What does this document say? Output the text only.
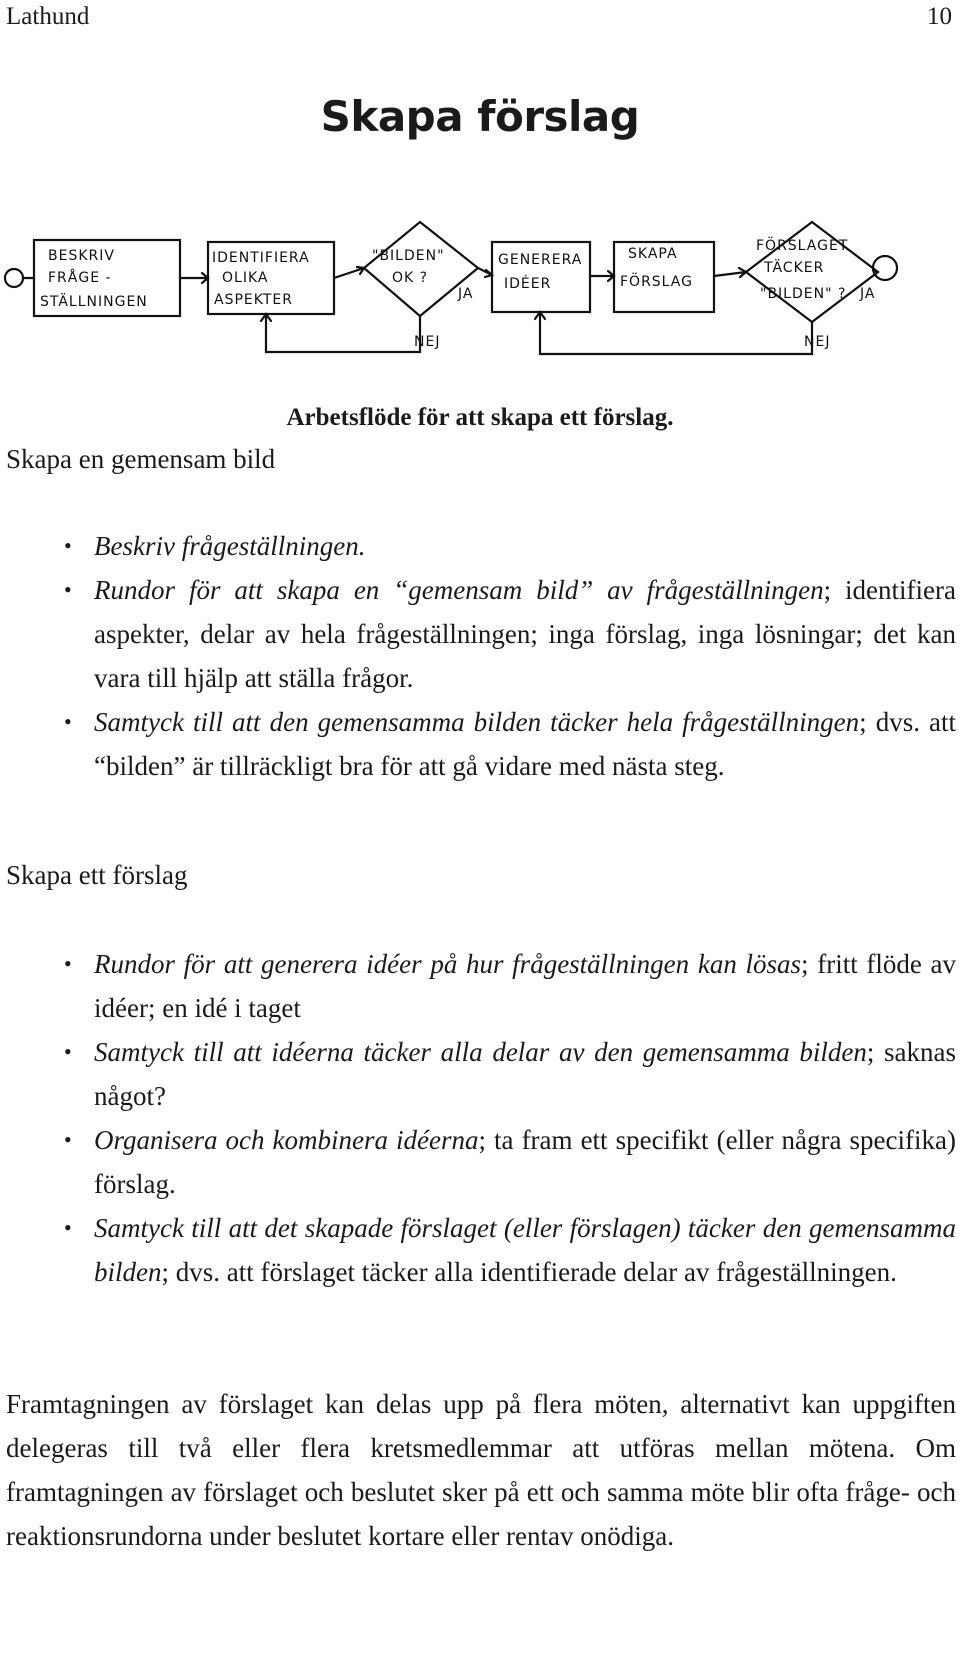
Lathund	10
Skapa förslag
BESKRIV
FRÅGE -
STÄLLNINGEN
IDENTIFIERA
OLIKA
ASPEKTER
"BILDEN"
OK ?
GENERERA
IDÉER
SKAPA
FÖRSLAG
FÖRSLAGET
TÄCKER
"BILDEN" ?
JA	JA
NEJ	NEJ
Arbetsflöde för att skapa ett förslag.
Skapa en gemensam bild
• Beskriv frågeställningen.
• Rundor för att skapa en “gemensam bild” av frågeställningen; identifiera aspekter, delar av hela frågeställningen; inga förslag, inga lösningar; det kan vara till hjälp att ställa frågor.
• Samtyck till att den gemensamma bilden täcker hela frågeställningen; dvs. att “bilden” är tillräckligt bra för att gå vidare med nästa steg.
Skapa ett förslag
• Rundor för att generera idéer på hur frågeställningen kan lösas; fritt flöde av idéer; en idé i taget
• Samtyck till att idéerna täcker alla delar av den gemensamma bilden; saknas något?
• Organisera och kombinera idéerna; ta fram ett specifikt (eller några specifika) förslag.
• Samtyck till att det skapade förslaget (eller förslagen) täcker den gemensamma bilden; dvs. att förslaget täcker alla identifierade delar av frågeställningen.

Framtagningen av förslaget kan delas upp på flera möten, alternativt kan uppgiften delegeras till två eller flera kretsmedlemmar att utföras mellan mötena. Om framtagningen av förslaget och beslutet sker på ett och samma möte blir ofta fråge- och reaktionsrundorna under beslutet kortare eller rentav onödiga.
